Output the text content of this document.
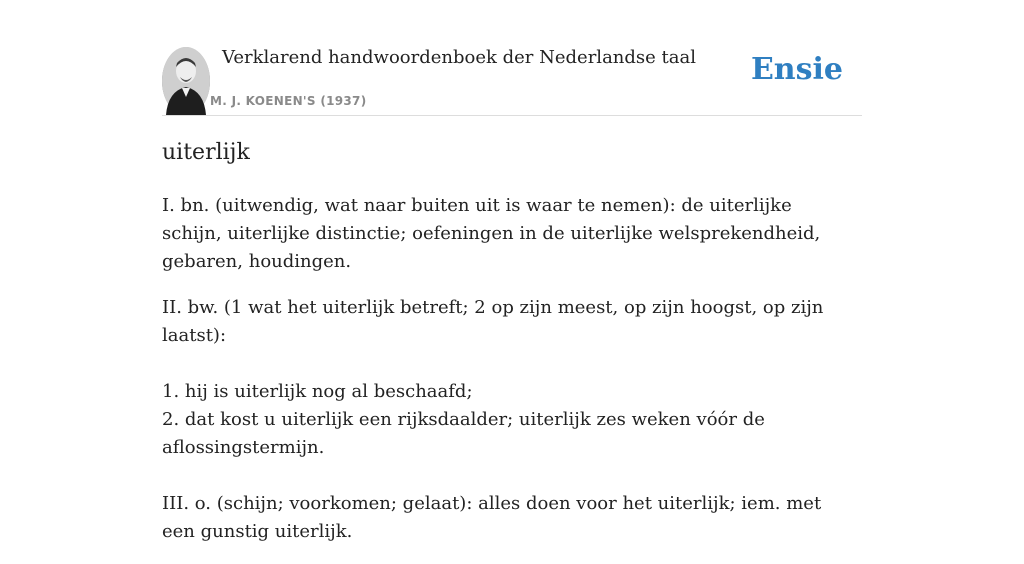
Verklarend handwoordenboek der Nederlandse taal
M. J. KOENEN'S (1937)
Ensie
uiterlijk

I. bn. (uitwendig, wat naar buiten uit is waar te nemen): de uiterlijke schijn, uiterlijke distinctie; oefeningen in de uiterlijke welsprekendheid, gebaren, houdingen.

II. bw. (1 wat het uiterlijk betreft; 2 op zijn meest, op zijn hoogst, op zijn laatst):
1. hij is uiterlijk nog al beschaafd;
2. dat kost u uiterlijk een rijksdaalder; uiterlijk zes weken vóór de aflossingstermijn.
III. o. (schijn; voorkomen; gelaat): alles doen voor het uiterlijk; iem. met een gunstig uiterlijk.
